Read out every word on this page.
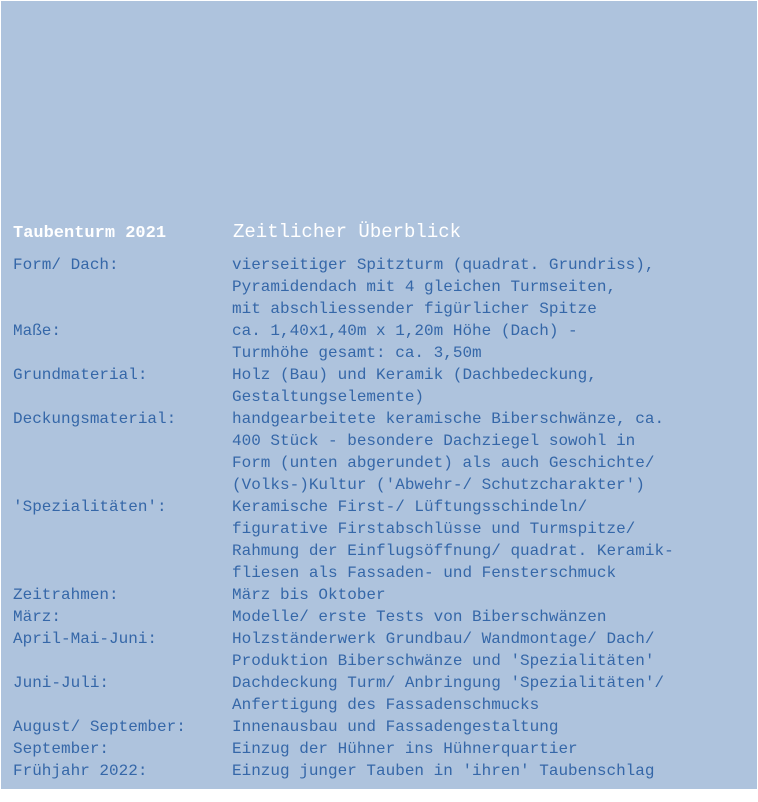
Taubenturm 2021	Zeitlicher Überblick
Form/ Dach:	vierseitiger Spitzturm (quadrat. Grundriss),
Pyramidendach mit 4 gleichen Turmseiten,
mit abschliessender figürlicher Spitze
Maße:	ca. 1,40x1,40m x 1,20m Höhe (Dach) -
Turmhöhe gesamt: ca. 3,50m
Grundmaterial:	Holz (Bau) und Keramik (Dachbedeckung,
Gestaltungselemente)
Deckungsmaterial:	handgearbeitete keramische Biberschwänze, ca.
400 Stück - besondere Dachziegel sowohl in
Form (unten abgerundet) als auch Geschichte/
(Volks-)Kultur ('Abwehr-/ Schutzcharakter')
'Spezialitäten':	Keramische First-/ Lüftungsschindeln/
figurative Firstabschlüsse und Turmspitze/
Rahmung der Einflugsöffnung/ quadrat. Keramik-
fliesen als Fassaden- und Fensterschmuck
Zeitrahmen:	März bis Oktober
März:	Modelle/ erste Tests von Biberschwänzen
April-Mai-Juni:	Holzständerwerk Grundbau/ Wandmontage/ Dach/
Produktion Biberschwänze und 'Spezialitäten'
Juni-Juli:	Dachdeckung Turm/ Anbringung 'Spezialitäten'/
Anfertigung des Fassadenschmucks
August/ September:	Innenausbau und Fassadengestaltung
September:	Einzug der Hühner ins Hühnerquartier
Frühjahr 2022:	Einzug junger Tauben in 'ihren' Taubenschlag
